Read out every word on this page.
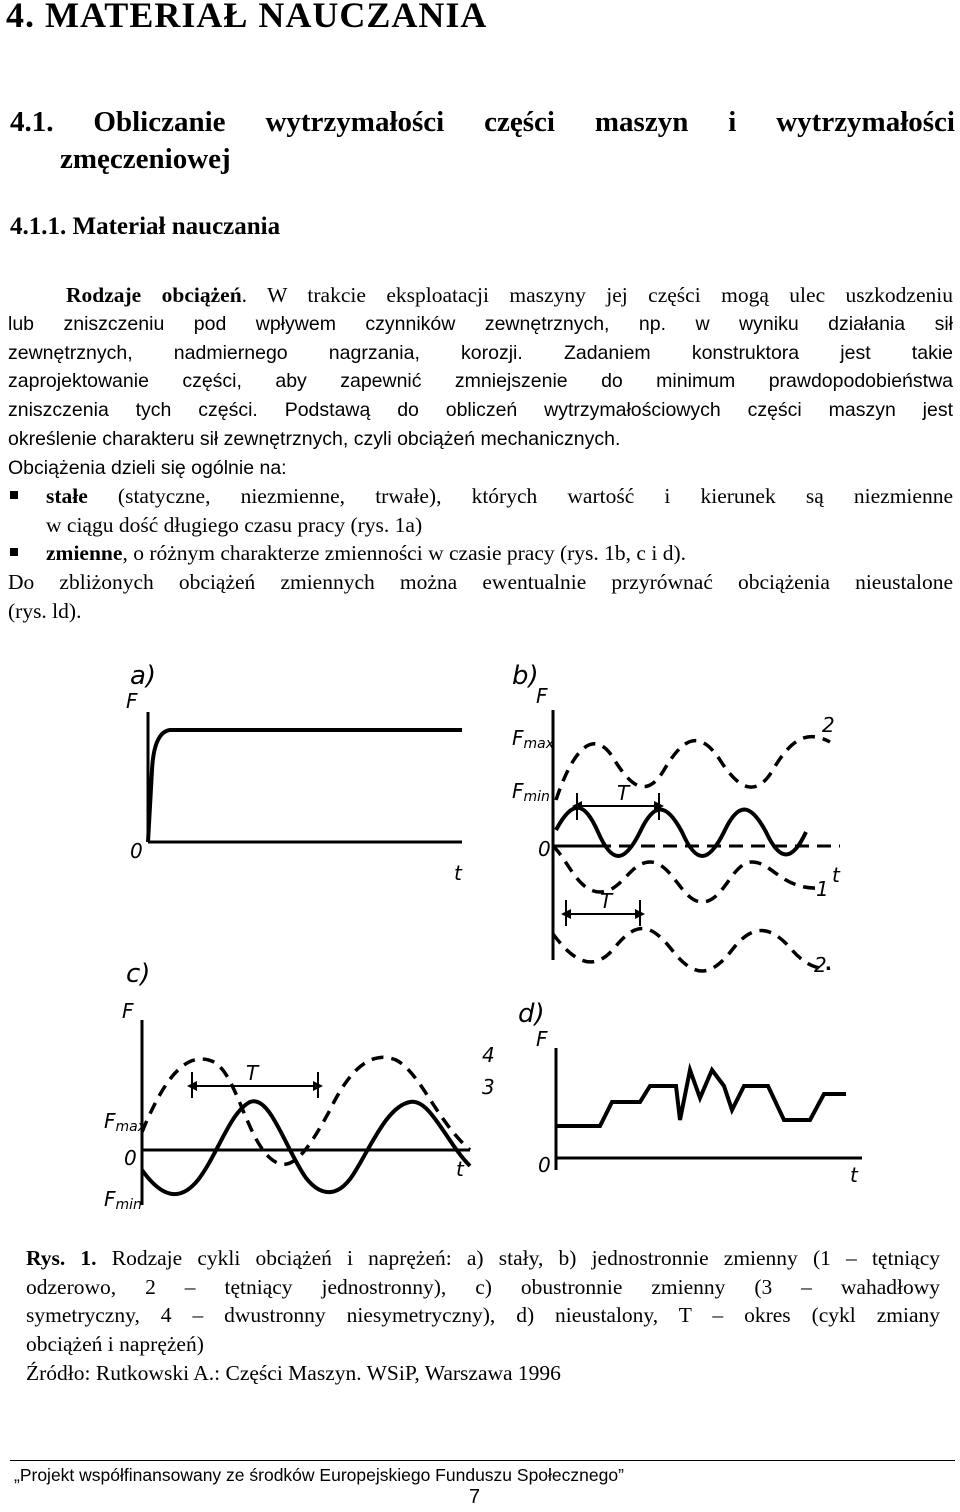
4. MATERIAŁ NAUCZANIA
4.1. Obliczanie wytrzymałości części maszyn i wytrzymałości
zmęczeniowej
4.1.1. Materiał nauczania
Rodzaje obciążeń. W trakcie eksploatacji maszyny jej części mogą ulec uszkodzeniu
lub zniszczeniu pod wpływem czynników zewnętrznych, np. w wyniku działania sił
zewnętrznych, nadmiernego nagrzania, korozji. Zadaniem konstruktora jest takie
zaprojektowanie części, aby zapewnić zmniejszenie do minimum prawdopodobieństwa
zniszczenia tych części. Podstawą do obliczeń wytrzymałościowych części maszyn jest
określenie charakteru sił zewnętrznych, czyli obciążeń mechanicznych.
Obciążenia dzieli się ogólnie na:
stałe (statyczne, niezmienne, trwałe), których wartość i kierunek są niezmienne
w ciągu dość długiego czasu pracy (rys. 1a)
zmienne, o różnym charakterze zmienności w czasie pracy (rys. 1b, c i d).
Do zbliżonych obciążeń zmiennych można ewentualnie przyrównać obciążenia nieustalone
(rys. ld).
a)
F
0
t
b)
F
Fmax
Fmin
0
2
T
T	1
2
t
c)
F
T
4
3
Fmax
0
Fmin
t
d)
F
0	t
Rys. 1. Rodzaje cykli obciążeń i naprężeń: a) stały, b) jednostronnie zmienny (1 – tętniący
odzerowo, 2 – tętniący jednostronny), c) obustronnie zmienny (3 – wahadłowy
symetryczny, 4 – dwustronny niesymetryczny), d) nieustalony, T – okres (cykl zmiany
obciążeń i naprężeń)
Źródło: Rutkowski A.: Części Maszyn. WSiP, Warszawa 1996
„Projekt współfinansowany ze środków Europejskiego Funduszu Społecznego”
7
